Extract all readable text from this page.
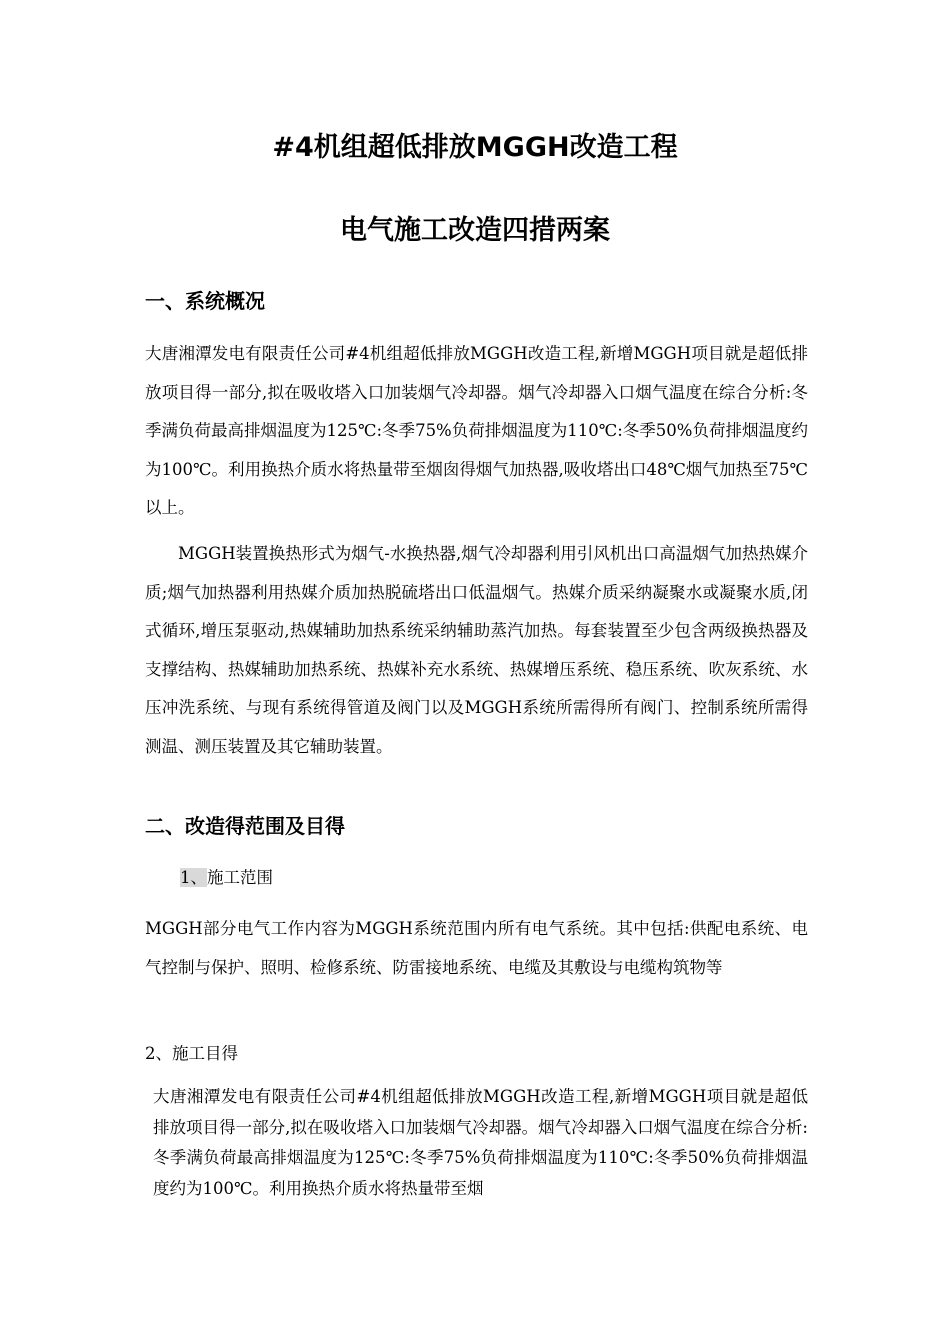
#4机组超低排放MGGH改造工程
电气施工改造四措两案
一、系统概况
大唐湘潭发电有限责任公司#4机组超低排放MGGH改造工程,新增MGGH项目就是超低排放项目得一部分,拟在吸收塔入口加装烟气冷却器。烟气冷却器入口烟气温度在综合分析:冬季满负荷最高排烟温度为125℃:冬季75%负荷排烟温度为110℃:冬季50%负荷排烟温度约为100℃。利用换热介质水将热量带至烟囱得烟气加热器,吸收塔出口48℃烟气加热至75℃以上。
MGGH装置换热形式为烟气-水换热器,烟气冷却器利用引风机出口高温烟气加热热媒介质;烟气加热器利用热媒介质加热脱硫塔出口低温烟气。热媒介质采纳凝聚水或凝聚水质,闭式循环,增压泵驱动,热媒辅助加热系统采纳辅助蒸汽加热。每套装置至少包含两级换热器及支撑结构、热媒辅助加热系统、热媒补充水系统、热媒增压系统、稳压系统、吹灰系统、水压冲洗系统、与现有系统得管道及阀门以及MGGH系统所需得所有阀门、控制系统所需得测温、测压装置及其它辅助装置。
二、改造得范围及目得
1、施工范围
MGGH部分电气工作内容为MGGH系统范围内所有电气系统。其中包括:供配电系统、电气控制与保护、照明、检修系统、防雷接地系统、电缆及其敷设与电缆构筑物等
2、施工目得
大唐湘潭发电有限责任公司#4机组超低排放MGGH改造工程,新增MGGH项目就是超低排放项目得一部分,拟在吸收塔入口加装烟气冷却器。烟气冷却器入口烟气温度在综合分析:冬季满负荷最高排烟温度为125℃:冬季75%负荷排烟温度为110℃:冬季50%负荷排烟温度约为100℃。利用换热介质水将热量带至烟
